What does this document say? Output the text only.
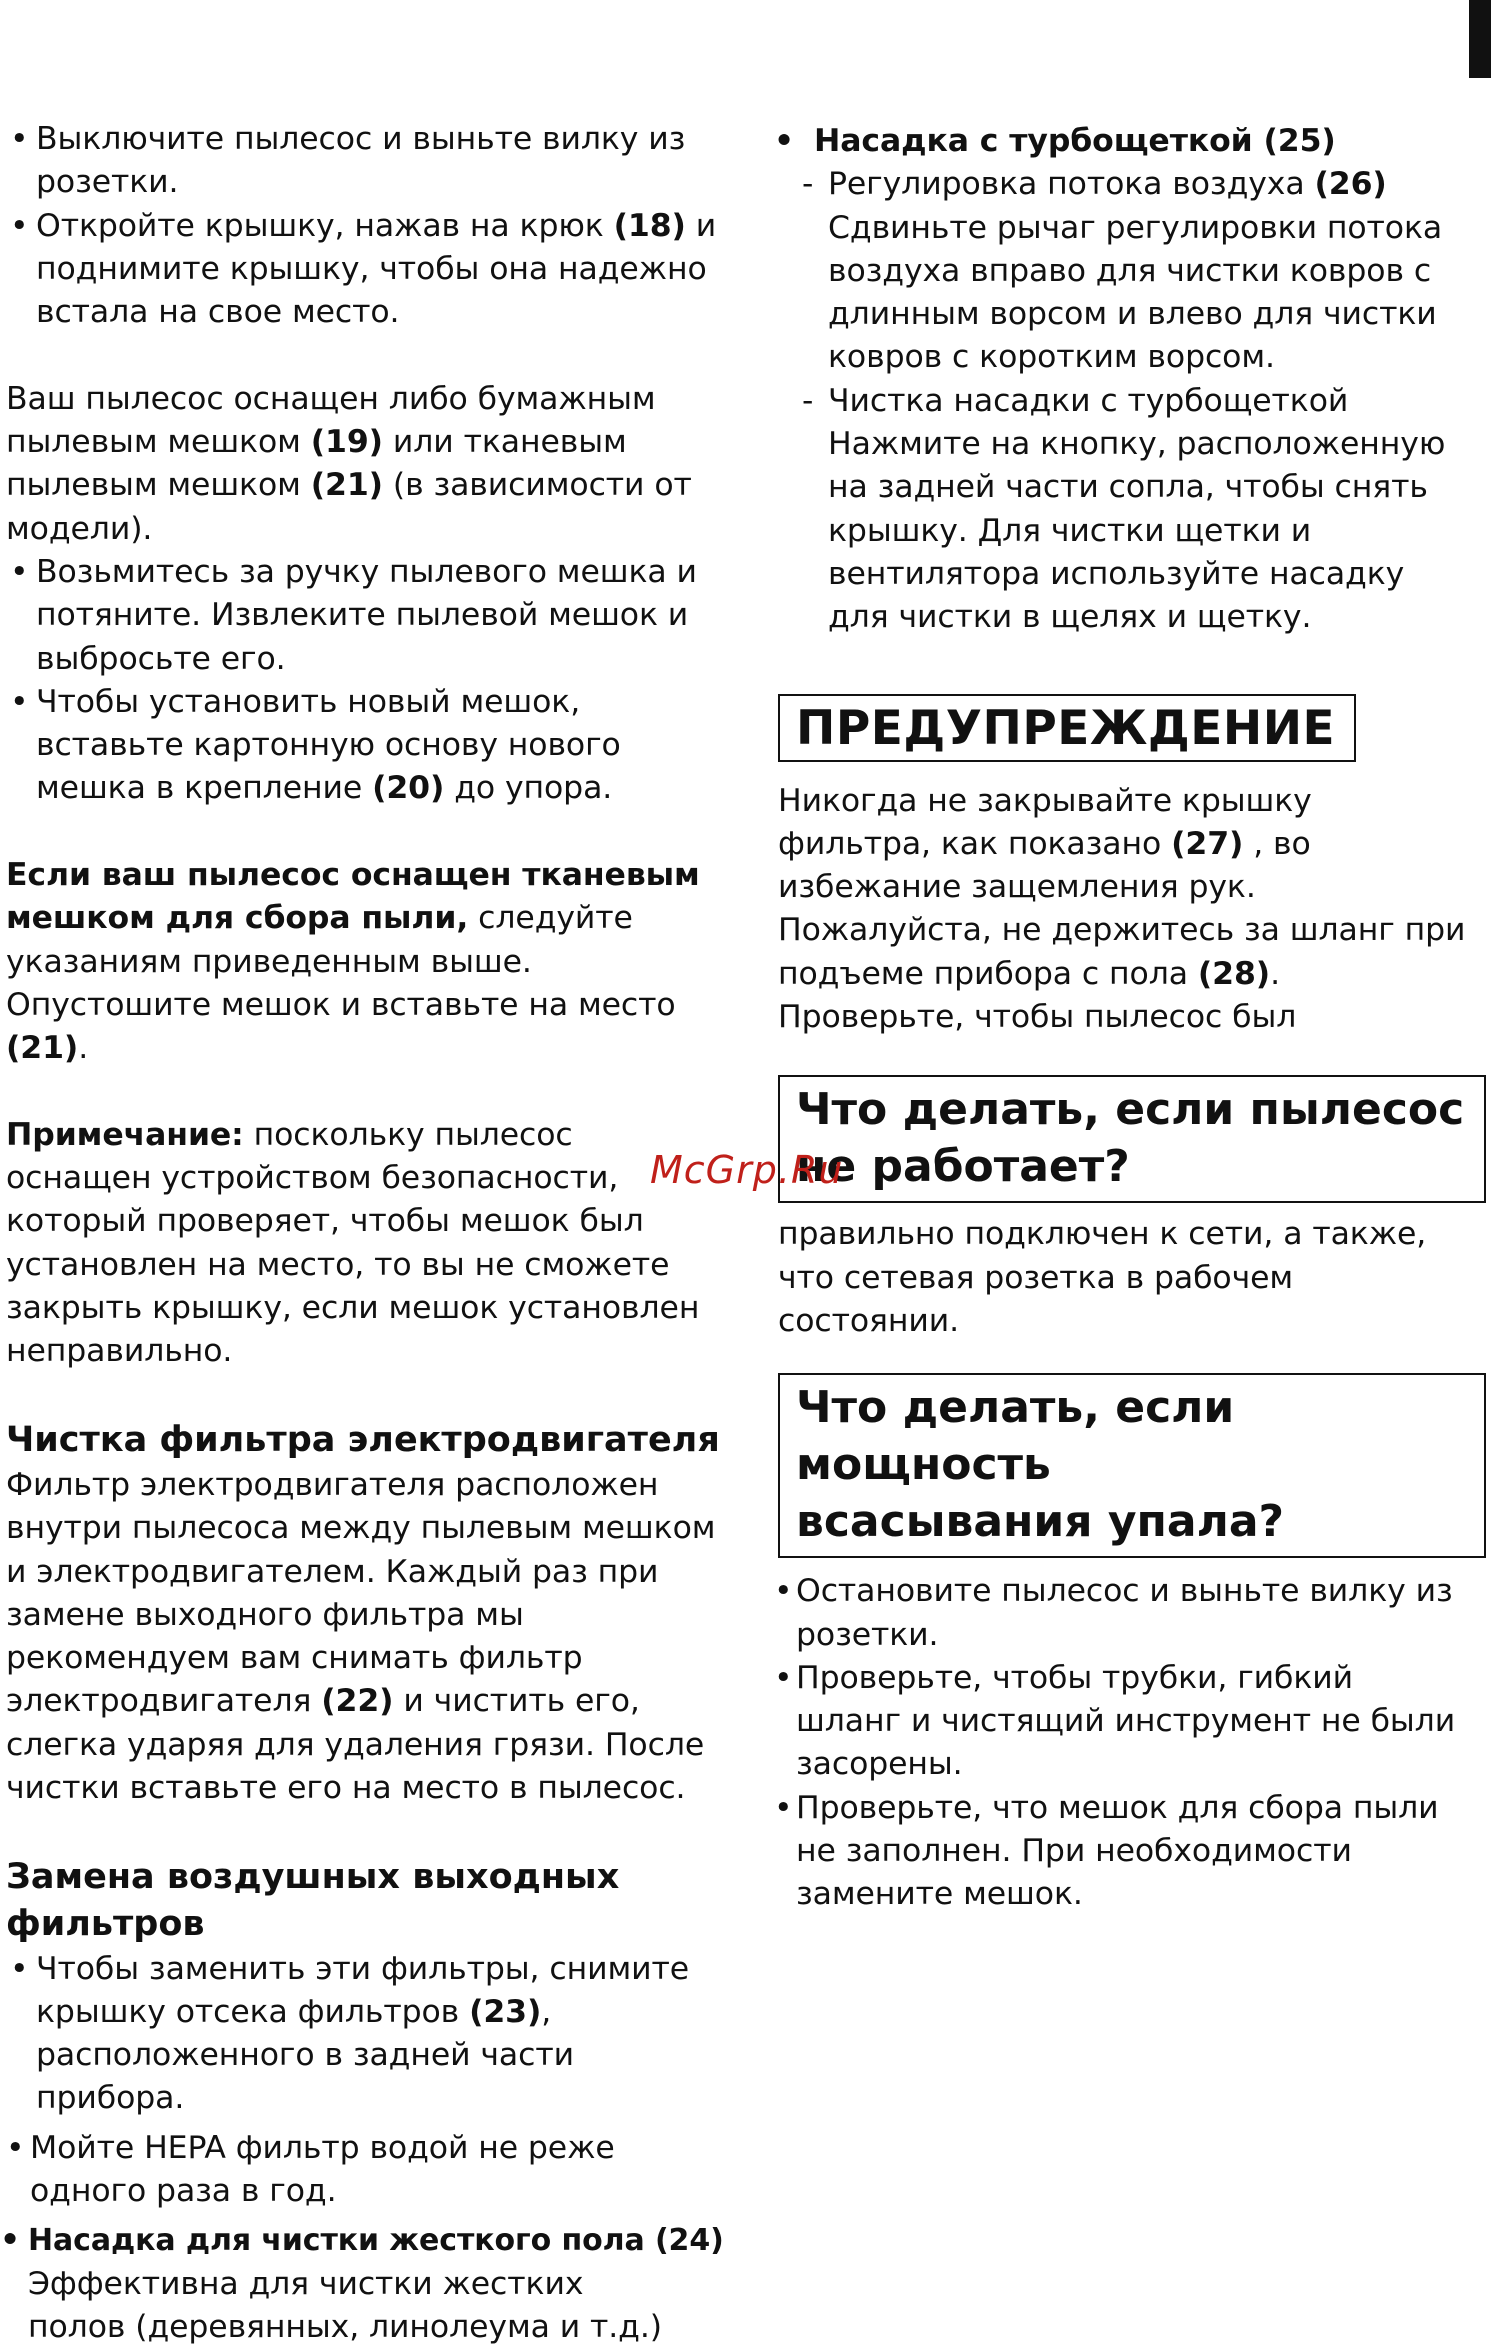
• Выключите пылесос и выньте вилку из
розетки.
• Откройте крышку, нажав на крюк (18) и
поднимите крышку, чтобы она надежно
встала на свое место.

Ваш пылесос оснащен либо бумажным
пылевым мешком (19) или тканевым
пылевым мешком (21) (в зависимости от
модели).

• Возьмитесь за ручку пылевого мешка и
потяните. Извлеките пылевой мешок и
выбросьте его.
• Чтобы установить новый мешок,
вставьте картонную основу нового
мешка в крепление (20) до упора.

Если ваш пылесос оснащен тканевым
мешком для сбора пыли, следуйте
указаниям приведенным выше.
Опустошите мешок и вставьте на место
(21).

Примечание: поскольку пылесос
оснащен устройством безопасности,
который проверяет, чтобы мешок был
установлен на место, то вы не сможете
закрыть крышку, если мешок установлен
неправильно.

Чистка фильтра электродвигателя

Фильтр электродвигателя расположен
внутри пылесоса между пылевым мешком
и электродвигателем. Каждый раз при
замене выходного фильтра мы
рекомендуем вам снимать фильтр
электродвигателя (22) и чистить его,
слегка ударяя для удаления грязи. После
чистки вставьте его на место в пылесос.

Замена воздушных выходных
фильтров

• Чтобы заменить эти фильтры, снимите
крышку отсека фильтров (23),
расположенного в задней части
прибора.
• Мойте HEPA фильтр водой не реже
одного раза в год.
• Насадка для чистки жесткого пола (24)
Эффективна для чистки жестких
полов (деревянных, линолеума и т.д.)
• Насадка с турбощеткой (25)
- Регулировка потока воздуха (26)
Сдвиньте рычаг регулировки потока
воздуха вправо для чистки ковров с
длинным ворсом и влево для чистки
ковров с коротким ворсом.
- Чистка насадки с турбощеткой
Нажмите на кнопку, расположенную
на задней части сопла, чтобы снять
крышку. Для чистки щетки и
вентилятора используйте насадку
для чистки в щелях и щетку.
ПРЕДУПРЕЖДЕНИЕ

Никогда не закрывайте крышку
фильтра, как показано (27) , во
избежание защемления рук.
Пожалуйста, не держитесь за шланг при
подъеме прибора с пола (28).
Проверьте, чтобы пылесос был

Что делать, если пылесос
не работает?

правильно подключен к сети, а также,
что сетевая розетка в рабочем
состоянии.

Что делать, если мощность
всасывания упала?
• Остановите пылесос и выньте вилку из
розетки.
• Проверьте, чтобы трубки, гибкий
шланг и чистящий инструмент не были
засорены.
• Проверьте, что мешок для сбора пыли
не заполнен. При необходимости
замените мешок.
McGrp.Ru
